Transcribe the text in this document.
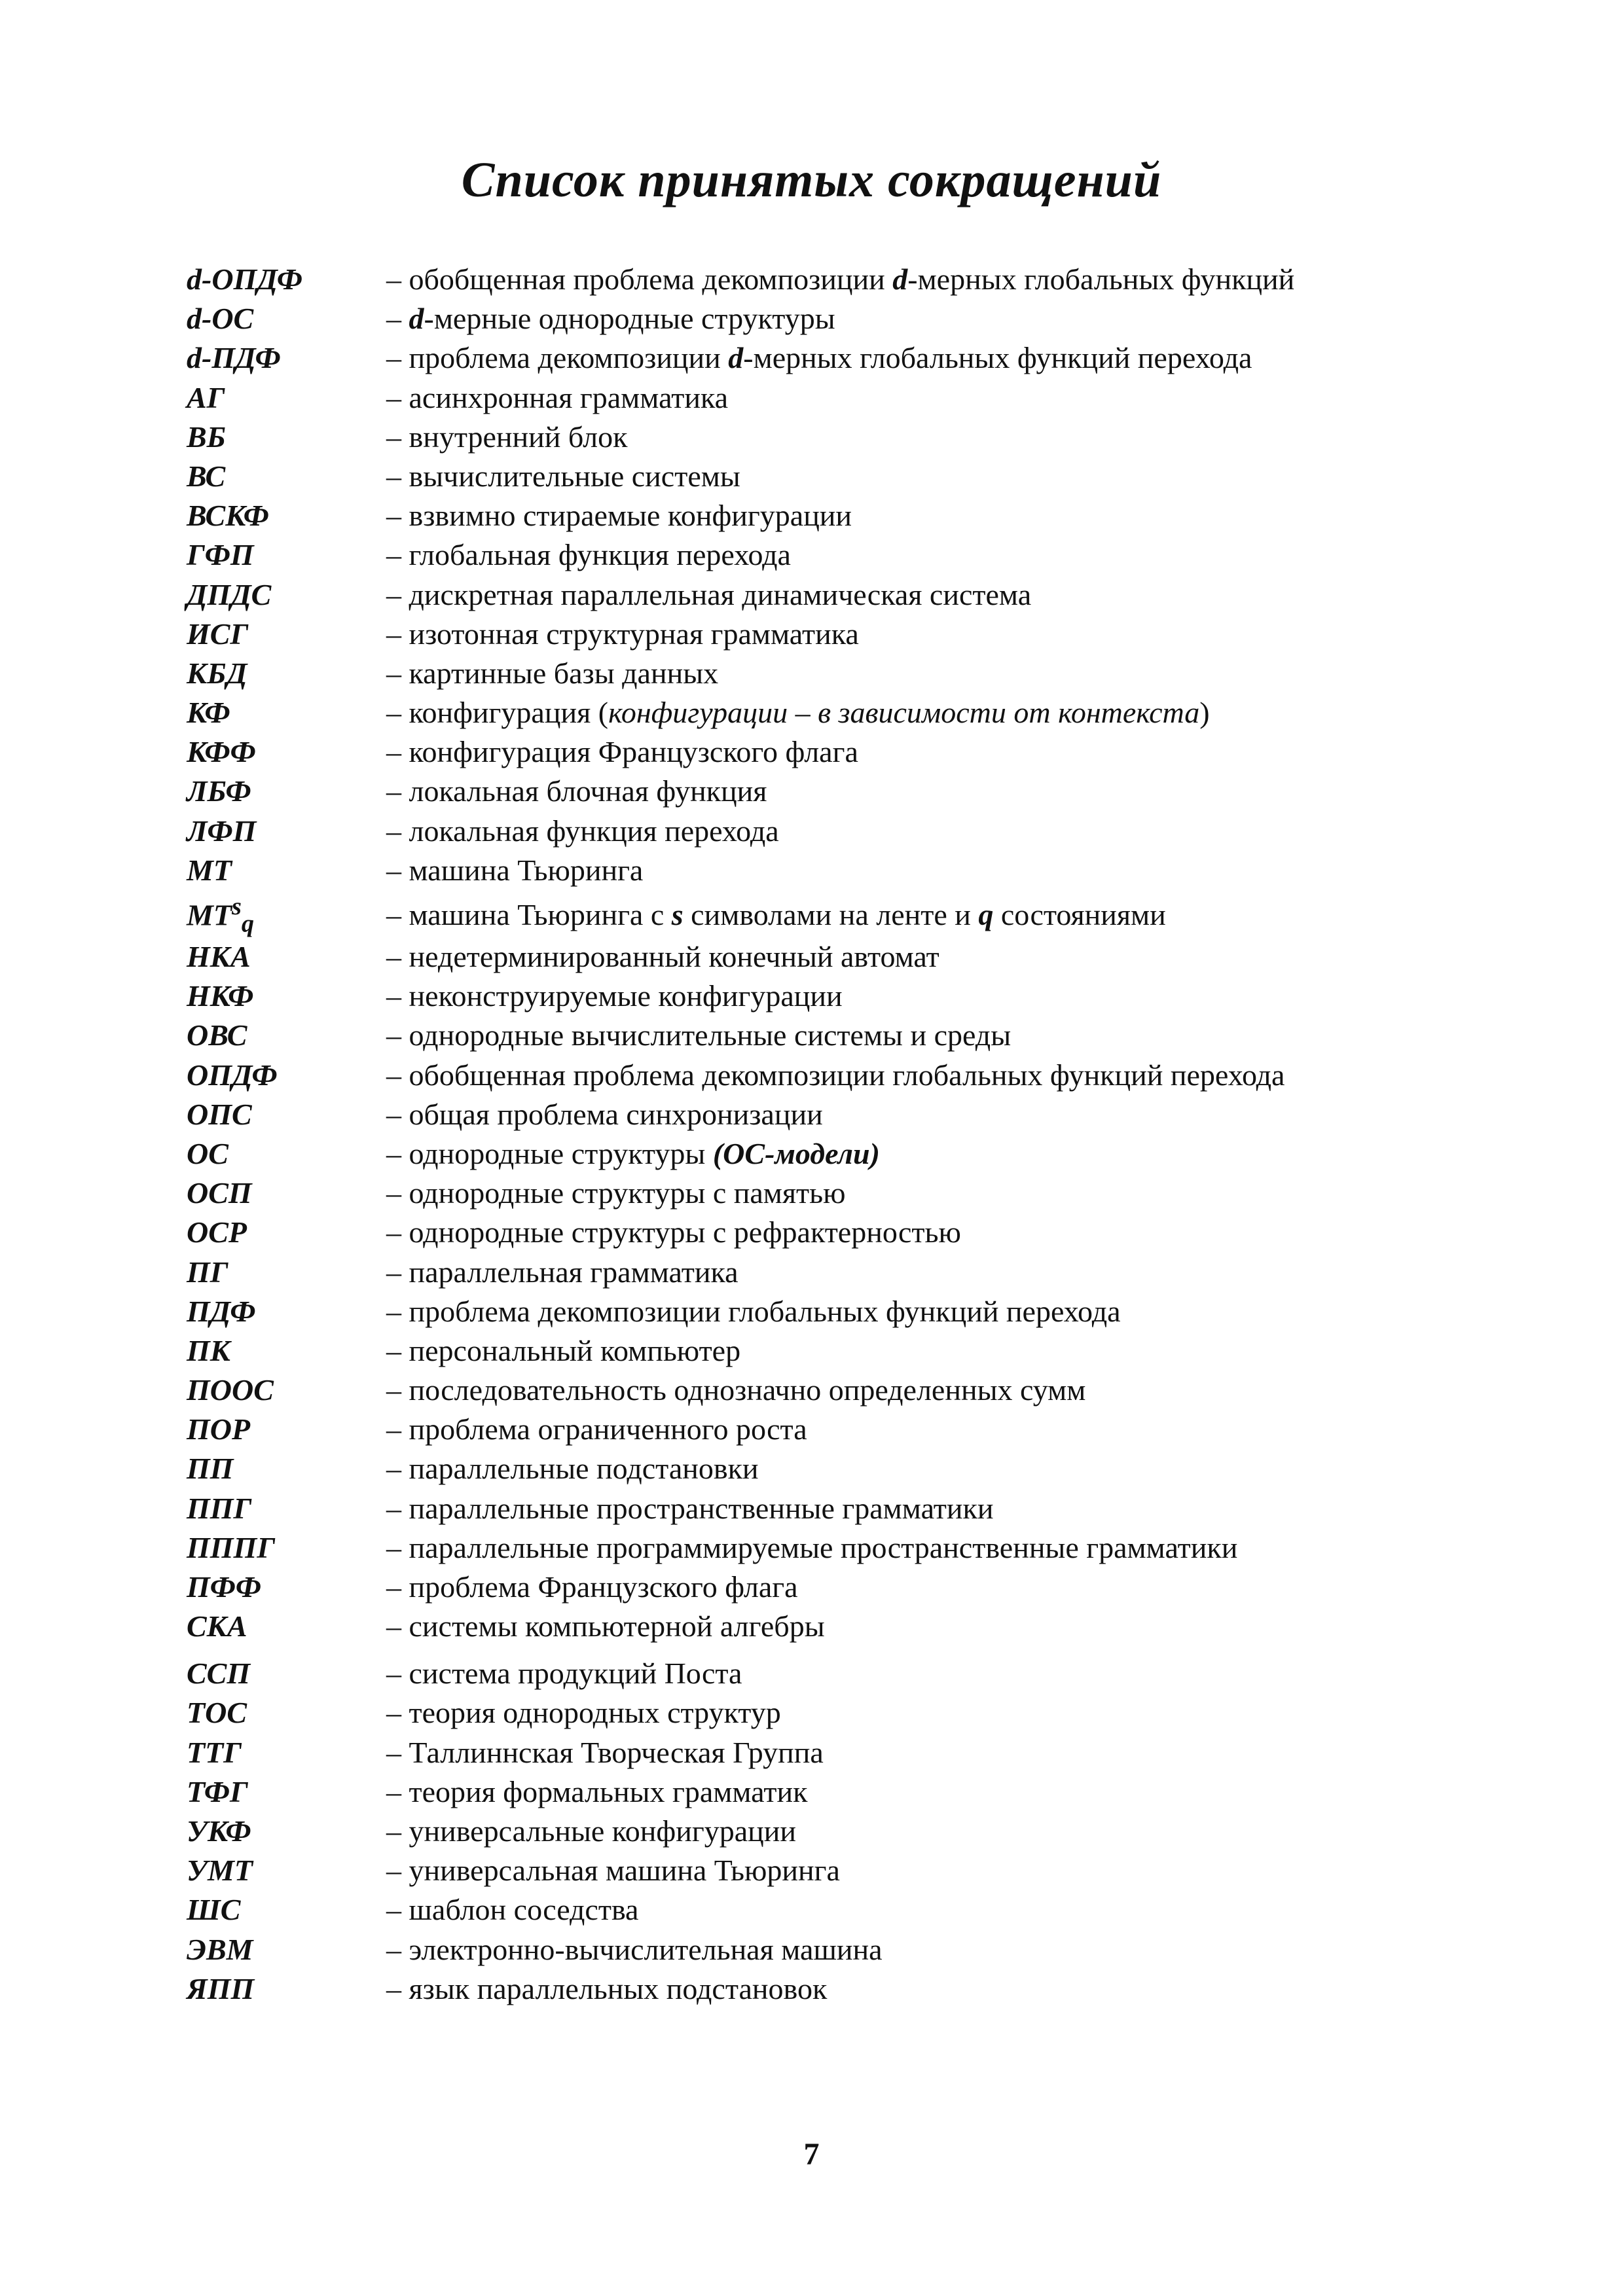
Список принятых сокращений
d-ОПДФ	– обобщенная проблема декомпозиции d-мерных глобальных функций
d-ОС	– d-мерные однородные структуры
d-ПДФ	– проблема декомпозиции d-мерных глобальных функций перехода
АГ	– асинхронная грамматика
ВБ	– внутренний блок
ВС	– вычислительные системы
ВСКФ	– взвимно стираемые конфигурации
ГФП	– глобальная функция перехода
ДПДС	– дискретная параллельная динамическая система
ИСГ	– изотонная структурная грамматика
КБД	– картинные базы данных
КФ	– конфигурация (конфигурации – в зависимости от контекста)
КФФ	– конфигурация Французского флага
ЛБФ	– локальная блочная функция
ЛФП	– локальная функция перехода
МТ	– машина Тьюринга
$МТ^s_q$	– машина Тьюринга с s символами на ленте и q состояниями
НКА	– недетерминированный конечный автомат
НКФ	– неконструируемые конфигурации
ОВС	– однородные вычислительные системы и среды
ОПДФ	– обобщенная проблема декомпозиции глобальных функций перехода
ОПС	– общая проблема синхронизации
ОС	– однородные структуры (ОС-модели)
ОСП	– однородные структуры с памятью
ОСР	– однородные структуры с рефрактерностью
ПГ	– параллельная грамматика
ПДФ	– проблема декомпозиции глобальных функций перехода
ПК	– персональный компьютер
ПООС	– последовательность однозначно определенных сумм
ПОР	– проблема ограниченного роста
ПП	– параллельные подстановки
ППГ	– параллельные пространственные грамматики
ПППГ	– параллельные программируемые пространственные грамматики
ПФФ	– проблема Французского флага
СКА	– системы компьютерной алгебры
ССП	– система продукций Поста
ТОС	– теория однородных структур
ТТГ	– Таллиннская Творческая Группа
ТФГ	– теория формальных грамматик
УКФ	– универсальные конфигурации
УМТ	– универсальная машина Тьюринга
ШС	– шаблон соседства
ЭВМ	– электронно-вычислительная машина
ЯПП	– язык параллельных подстановок
7
